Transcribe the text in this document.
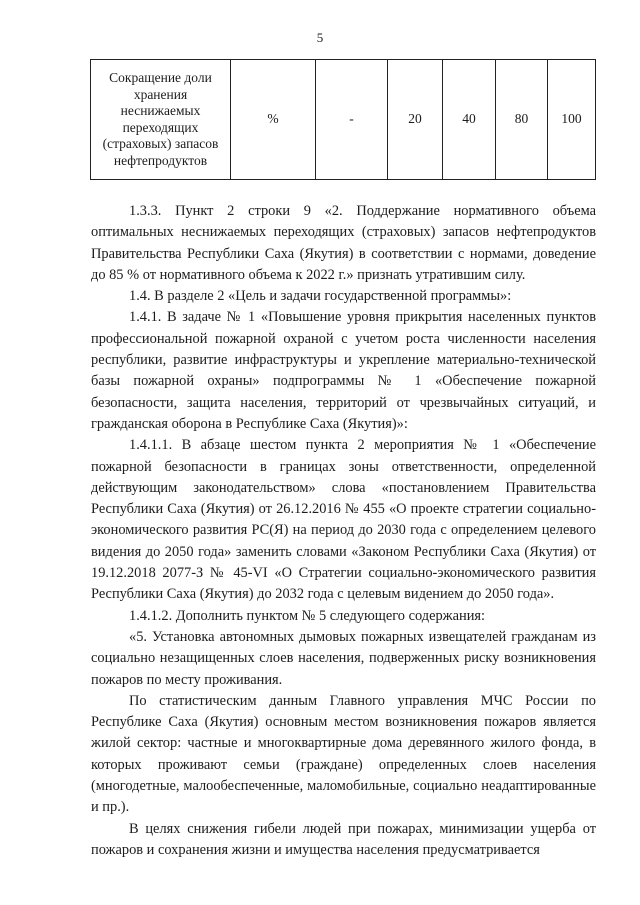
5
Сокращение доли хранения неснижаемых переходящих (страховых) запасов нефтепродуктов	%	-	20	40	80	100

1.3.3. Пункт 2 строки 9 «2. Поддержание нормативного объема оптимальных неснижаемых переходящих (страховых) запасов нефтепродуктов Правительства Республики Саха (Якутия) в соответствии с нормами, доведение до 85 % от нормативного объема к 2022 г.» признать утратившим силу.

1.4. В разделе 2 «Цель и задачи государственной программы»:

1.4.1. В задаче № 1 «Повышение уровня прикрытия населенных пунктов профессиональной пожарной охраной с учетом роста численности населения республики, развитие инфраструктуры и укрепление материально-технической базы пожарной охраны» подпрограммы № 1 «Обеспечение пожарной безопасности, защита населения, территорий от чрезвычайных ситуаций, и гражданская оборона в Республике Саха (Якутия)»:

1.4.1.1. В абзаце шестом пункта 2 мероприятия № 1 «Обеспечение пожарной безопасности в границах зоны ответственности, определенной действующим законодательством» слова «постановлением Правительства Республики Саха (Якутия) от 26.12.2016 № 455 «О проекте стратегии социально-экономического развития РС(Я) на период до 2030 года с определением целевого видения до 2050 года» заменить словами «Законом Республики Саха (Якутия) от 19.12.2018 2077-З № 45-VI «О Стратегии социально-экономического развития Республики Саха (Якутия) до 2032 года с целевым видением до 2050 года».

1.4.1.2. Дополнить пунктом № 5 следующего содержания:

«5. Установка автономных дымовых пожарных извещателей гражданам из социально незащищенных слоев населения, подверженных риску возникновения пожаров по месту проживания.

По статистическим данным Главного управления МЧС России по Республике Саха (Якутия) основным местом возникновения пожаров является жилой сектор: частные и многоквартирные дома деревянного жилого фонда, в которых проживают семьи (граждане) определенных слоев населения (многодетные, малообеспеченные, маломобильные, социально неадаптированные и пр.).

В целях снижения гибели людей при пожарах, минимизации ущерба от пожаров и сохранения жизни и имущества населения предусматривается
